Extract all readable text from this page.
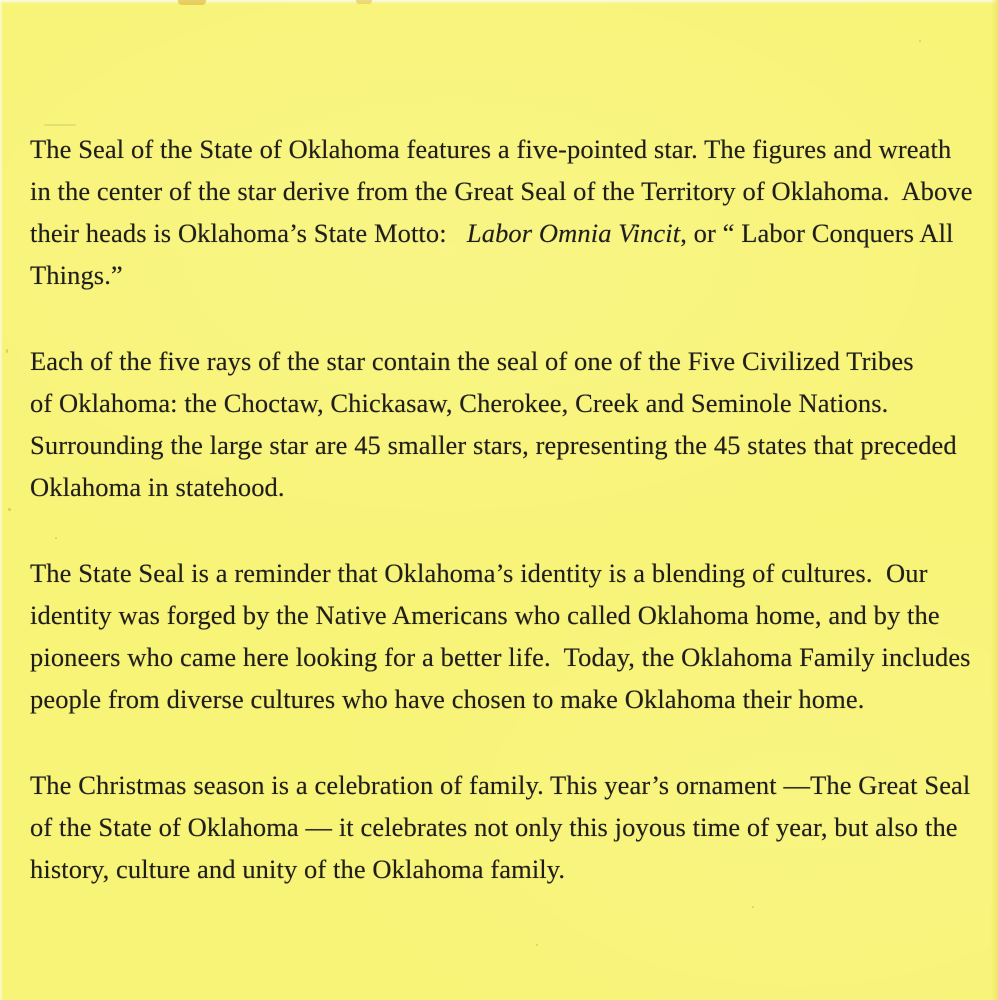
The Seal of the State of Oklahoma features a five-pointed star. The figures and wreath
in the center of the star derive from the Great Seal of the Territory of Oklahoma.  Above
their heads is Oklahoma’s State Motto:   Labor Omnia Vincit, or “ Labor Conquers All
Things.”
Each of the five rays of the star contain the seal of one of the Five Civilized Tribes
of Oklahoma: the Choctaw, Chickasaw, Cherokee, Creek and Seminole Nations.
Surrounding the large star are 45 smaller stars, representing the 45 states that preceded
Oklahoma in statehood.
The State Seal is a reminder that Oklahoma’s identity is a blending of cultures.  Our
identity was forged by the Native Americans who called Oklahoma home, and by the
pioneers who came here looking for a better life.  Today, the Oklahoma Family includes
people from diverse cultures who have chosen to make Oklahoma their home.
The Christmas season is a celebration of family. This year’s ornament —The Great Seal
of the State of Oklahoma — it celebrates not only this joyous time of year, but also the
history, culture and unity of the Oklahoma family.
